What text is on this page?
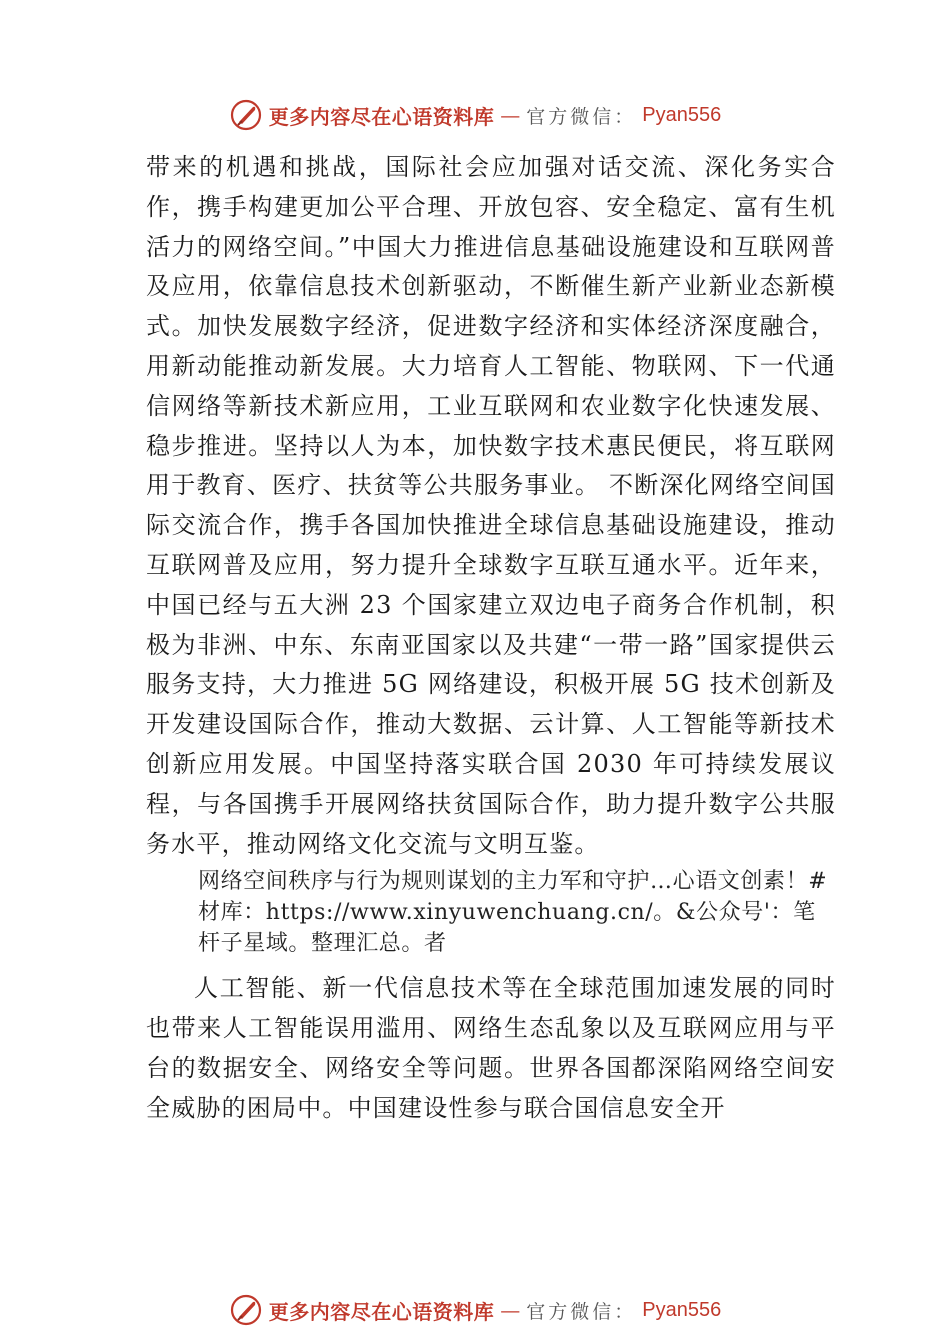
更多内容尽在心语资料库 — 官方微信： Pyan556

带来的机遇和挑战，国际社会应加强对话交流、深化务实合作，携手构建更加公平合理、开放包容、安全稳定、富有生机活力的网络空间。”中国大力推进信息基础设施建设和互联网普及应用，依靠信息技术创新驱动，不断催生新产业新业态新模式。加快发展数字经济，促进数字经济和实体经济深度融合，用新动能推动新发展。大力培育人工智能、物联网、下一代通信网络等新技术新应用，工业互联网和农业数字化快速发展、稳步推进。坚持以人为本，加快数字技术惠民便民，将互联网用于教育、医疗、扶贫等公共服务事业。 不断深化网络空间国际交流合作，携手各国加快推进全球信息基础设施建设，推动互联网普及应用，努力提升全球数字互联互通水平。近年来，中国已经与五大洲 23 个国家建立双边电子商务合作机制，积极为非洲、中东、东南亚国家以及共建“一带一路”国家提供云服务支持，大力推进 5G 网络建设，积极开展 5G 技术创新及开发建设国际合作，推动大数据、云计算、人工智能等新技术创新应用发展。中国坚持落实联合国 2030 年可持续发展议程，与各国携手开展网络扶贫国际合作，助力提升数字公共服务水平，推动网络文化交流与文明互鉴。

网络空间秩序与行为规则谋划的主力军和守护…心语文创素！#材库：https://www.xinyuwenchuang.cn/。&公众号'：笔杆子星域。整理汇总。者

人工智能、新一代信息技术等在全球范围加速发展的同时也带来人工智能误用滥用、网络生态乱象以及互联网应用与平台的数据安全、网络安全等问题。世界各国都深陷网络空间安全威胁的困局中。中国建设性参与联合国信息安全开

更多内容尽在心语资料库 — 官方微信： Pyan556
